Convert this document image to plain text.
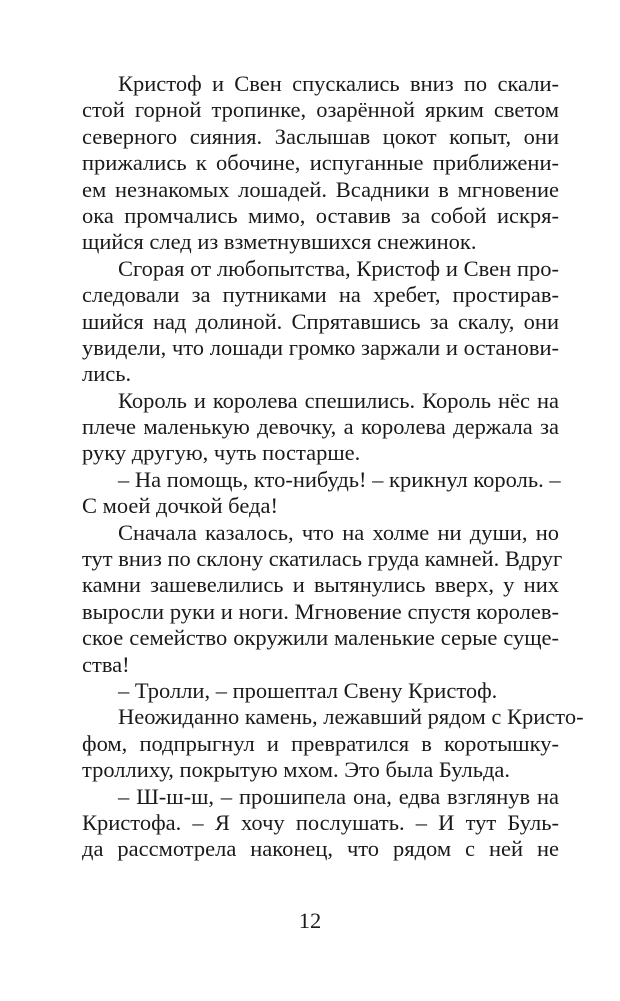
Кристоф и Свен спускались вниз по скали-
стой горной тропинке, озарённой ярким светом
северного сияния. Заслышав цокот копыт, они
прижались к обочине, испуганные приближени-
ем незнакомых лошадей. Всадники в мгновение
ока промчались мимо, оставив за собой искря-
щийся след из взметнувшихся снежинок.
Сгорая от любопытства, Кристоф и Свен про-
следовали за путниками на хребет, простирав-
шийся над долиной. Спрятавшись за скалу, они
увидели, что лошади громко заржали и останови-
лись.
Король и королева спешились. Король нёс на
плече маленькую девочку, а королева держала за
руку другую, чуть постарше.
– На помощь, кто-нибудь! – крикнул король. –
С моей дочкой беда!
Сначала казалось, что на холме ни души, но
тут вниз по склону скатилась груда камней. Вдруг
камни зашевелились и вытянулись вверх, у них
выросли руки и ноги. Мгновение спустя королев-
ское семейство окружили маленькие серые суще-
ства!
– Тролли, – прошептал Свену Кристоф.
Неожиданно камень, лежавший рядом с Кристо-
фом, подпрыгнул и превратился в коротышку-
троллиху, покрытую мхом. Это была Бульда.
– Ш-ш-ш, – прошипела она, едва взглянув на
Кристофа. – Я хочу послушать. – И тут Буль-
да рассмотрела наконец, что рядом с ней не
12
